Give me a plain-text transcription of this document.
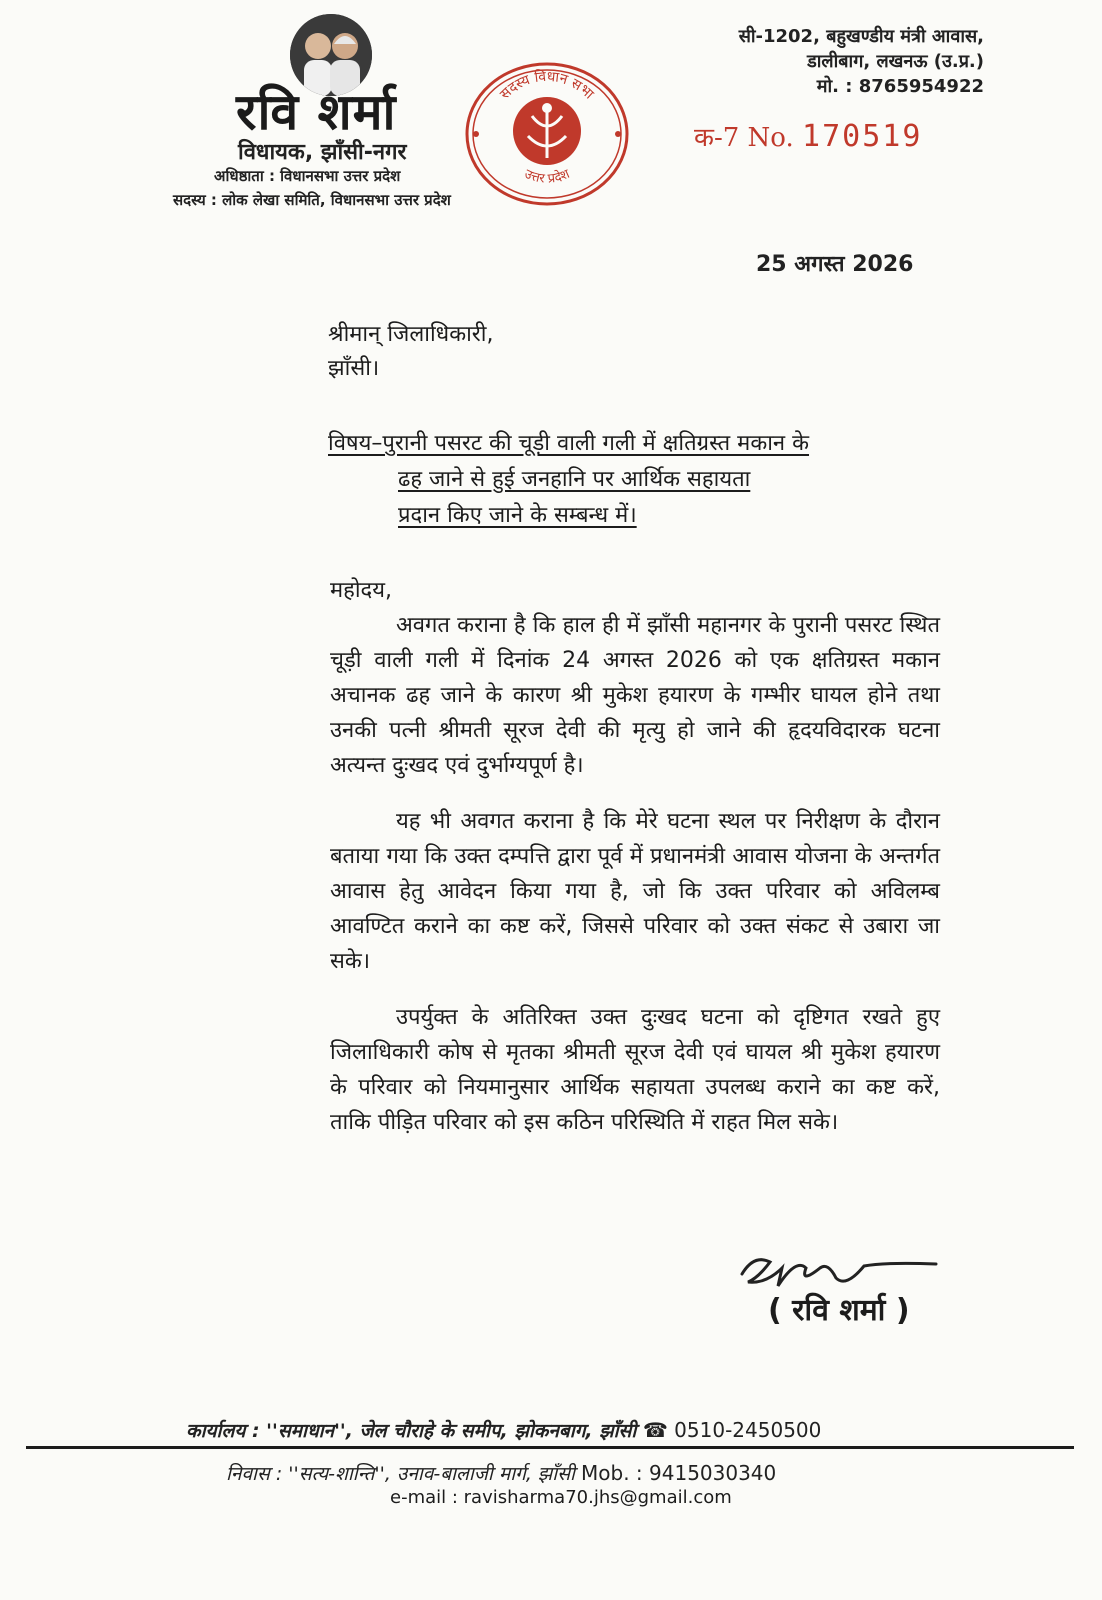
रवि शर्मा
विधायक, झाँसी-नगर
अधिष्ठाता : विधानसभा उत्तर प्रदेश
सदस्य : लोक लेखा समिति, विधानसभा उत्तर प्रदेश
सदस्य विधान सभा
उत्तर प्रदेश
सी-1202, बहुखण्डीय मंत्री आवास,
डालीबाग, लखनऊ (उ.प्र.)
मो. : 8765954922
क-7 No. 170519
25 अगस्त 2026
श्रीमान् जिलाधिकारी,
झाँसी।
विषय–पुरानी पसरट की चूड़ी वाली गली में क्षतिग्रस्त मकान के
ढह जाने से हुई जनहानि पर आर्थिक सहायता
प्रदान किए जाने के सम्बन्ध में।
महोदय,
अवगत कराना है कि हाल ही में झाँसी महानगर के पुरानी पसरट स्थित चूड़ी वाली गली में दिनांक 24 अगस्त 2026 को एक क्षतिग्रस्त मकान अचानक ढह जाने के कारण श्री मुकेश हयारण के गम्भीर घायल होने तथा उनकी पत्नी श्रीमती सूरज देवी की मृत्यु हो जाने की हृदयविदारक घटना अत्यन्त दुःखद एवं दुर्भाग्यपूर्ण है।
यह भी अवगत कराना है कि मेरे घटना स्थल पर निरीक्षण के दौरान बताया गया कि उक्त दम्पत्ति द्वारा पूर्व में प्रधानमंत्री आवास योजना के अन्तर्गत आवास हेतु आवेदन किया गया है, जो कि उक्त परिवार को अविलम्ब आवण्टित कराने का कष्ट करें, जिससे परिवार को उक्त संकट से उबारा जा सके।
उपर्युक्त के अतिरिक्त उक्त दुःखद घटना को दृष्टिगत रखते हुए जिलाधिकारी कोष से मृतका श्रीमती सूरज देवी एवं घायल श्री मुकेश हयारण के परिवार को नियमानुसार आर्थिक सहायता उपलब्ध कराने का कष्ट करें, ताकि पीड़ित परिवार को इस कठिन परिस्थिति में राहत मिल सके।
( रवि शर्मा )
कार्यालय : ''समाधान'', जेल चौराहे के समीप, झोकनबाग, झाँसी ☎ 0510-2450500
निवास : ''सत्य-शान्ति'', उनाव-बालाजी मार्ग, झाँसी Mob. : 9415030340
e-mail : ravisharma70.jhs@gmail.com
